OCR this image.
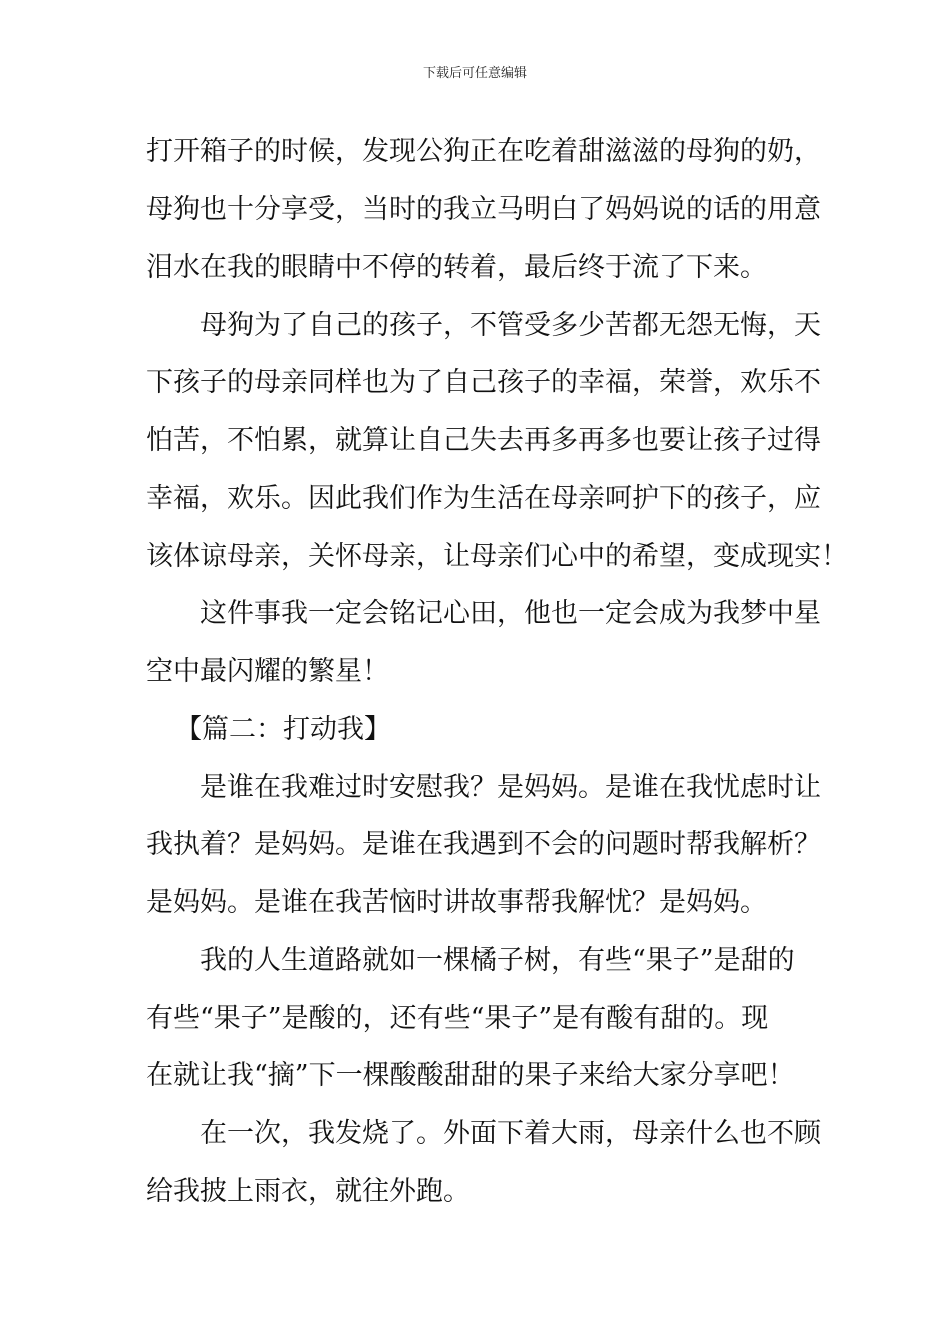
下载后可任意编辑
打开箱子的时候，发现公狗正在吃着甜滋滋的母狗的奶，
母狗也十分享受，当时的我立马明白了妈妈说的话的用意
泪水在我的眼睛中不停的转着，最后终于流了下来。
母狗为了自己的孩子，不管受多少苦都无怨无悔，天
下孩子的母亲同样也为了自己孩子的幸福，荣誉，欢乐不
怕苦，不怕累，就算让自己失去再多再多也要让孩子过得
幸福，欢乐。因此我们作为生活在母亲呵护下的孩子，应
该体谅母亲，关怀母亲，让母亲们心中的希望，变成现实！
这件事我一定会铭记心田，他也一定会成为我梦中星
空中最闪耀的繁星！
【篇二：打动我】
是谁在我难过时安慰我？是妈妈。是谁在我忧虑时让
我执着？是妈妈。是谁在我遇到不会的问题时帮我解析？
是妈妈。是谁在我苦恼时讲故事帮我解忧？是妈妈。
我的人生道路就如一棵橘子树，有些“果子”是甜的
有些“果子”是酸的，还有些“果子”是有酸有甜的。现
在就让我“摘”下一棵酸酸甜甜的果子来给大家分享吧！
在一次，我发烧了。外面下着大雨，母亲什么也不顾
给我披上雨衣，就往外跑。
